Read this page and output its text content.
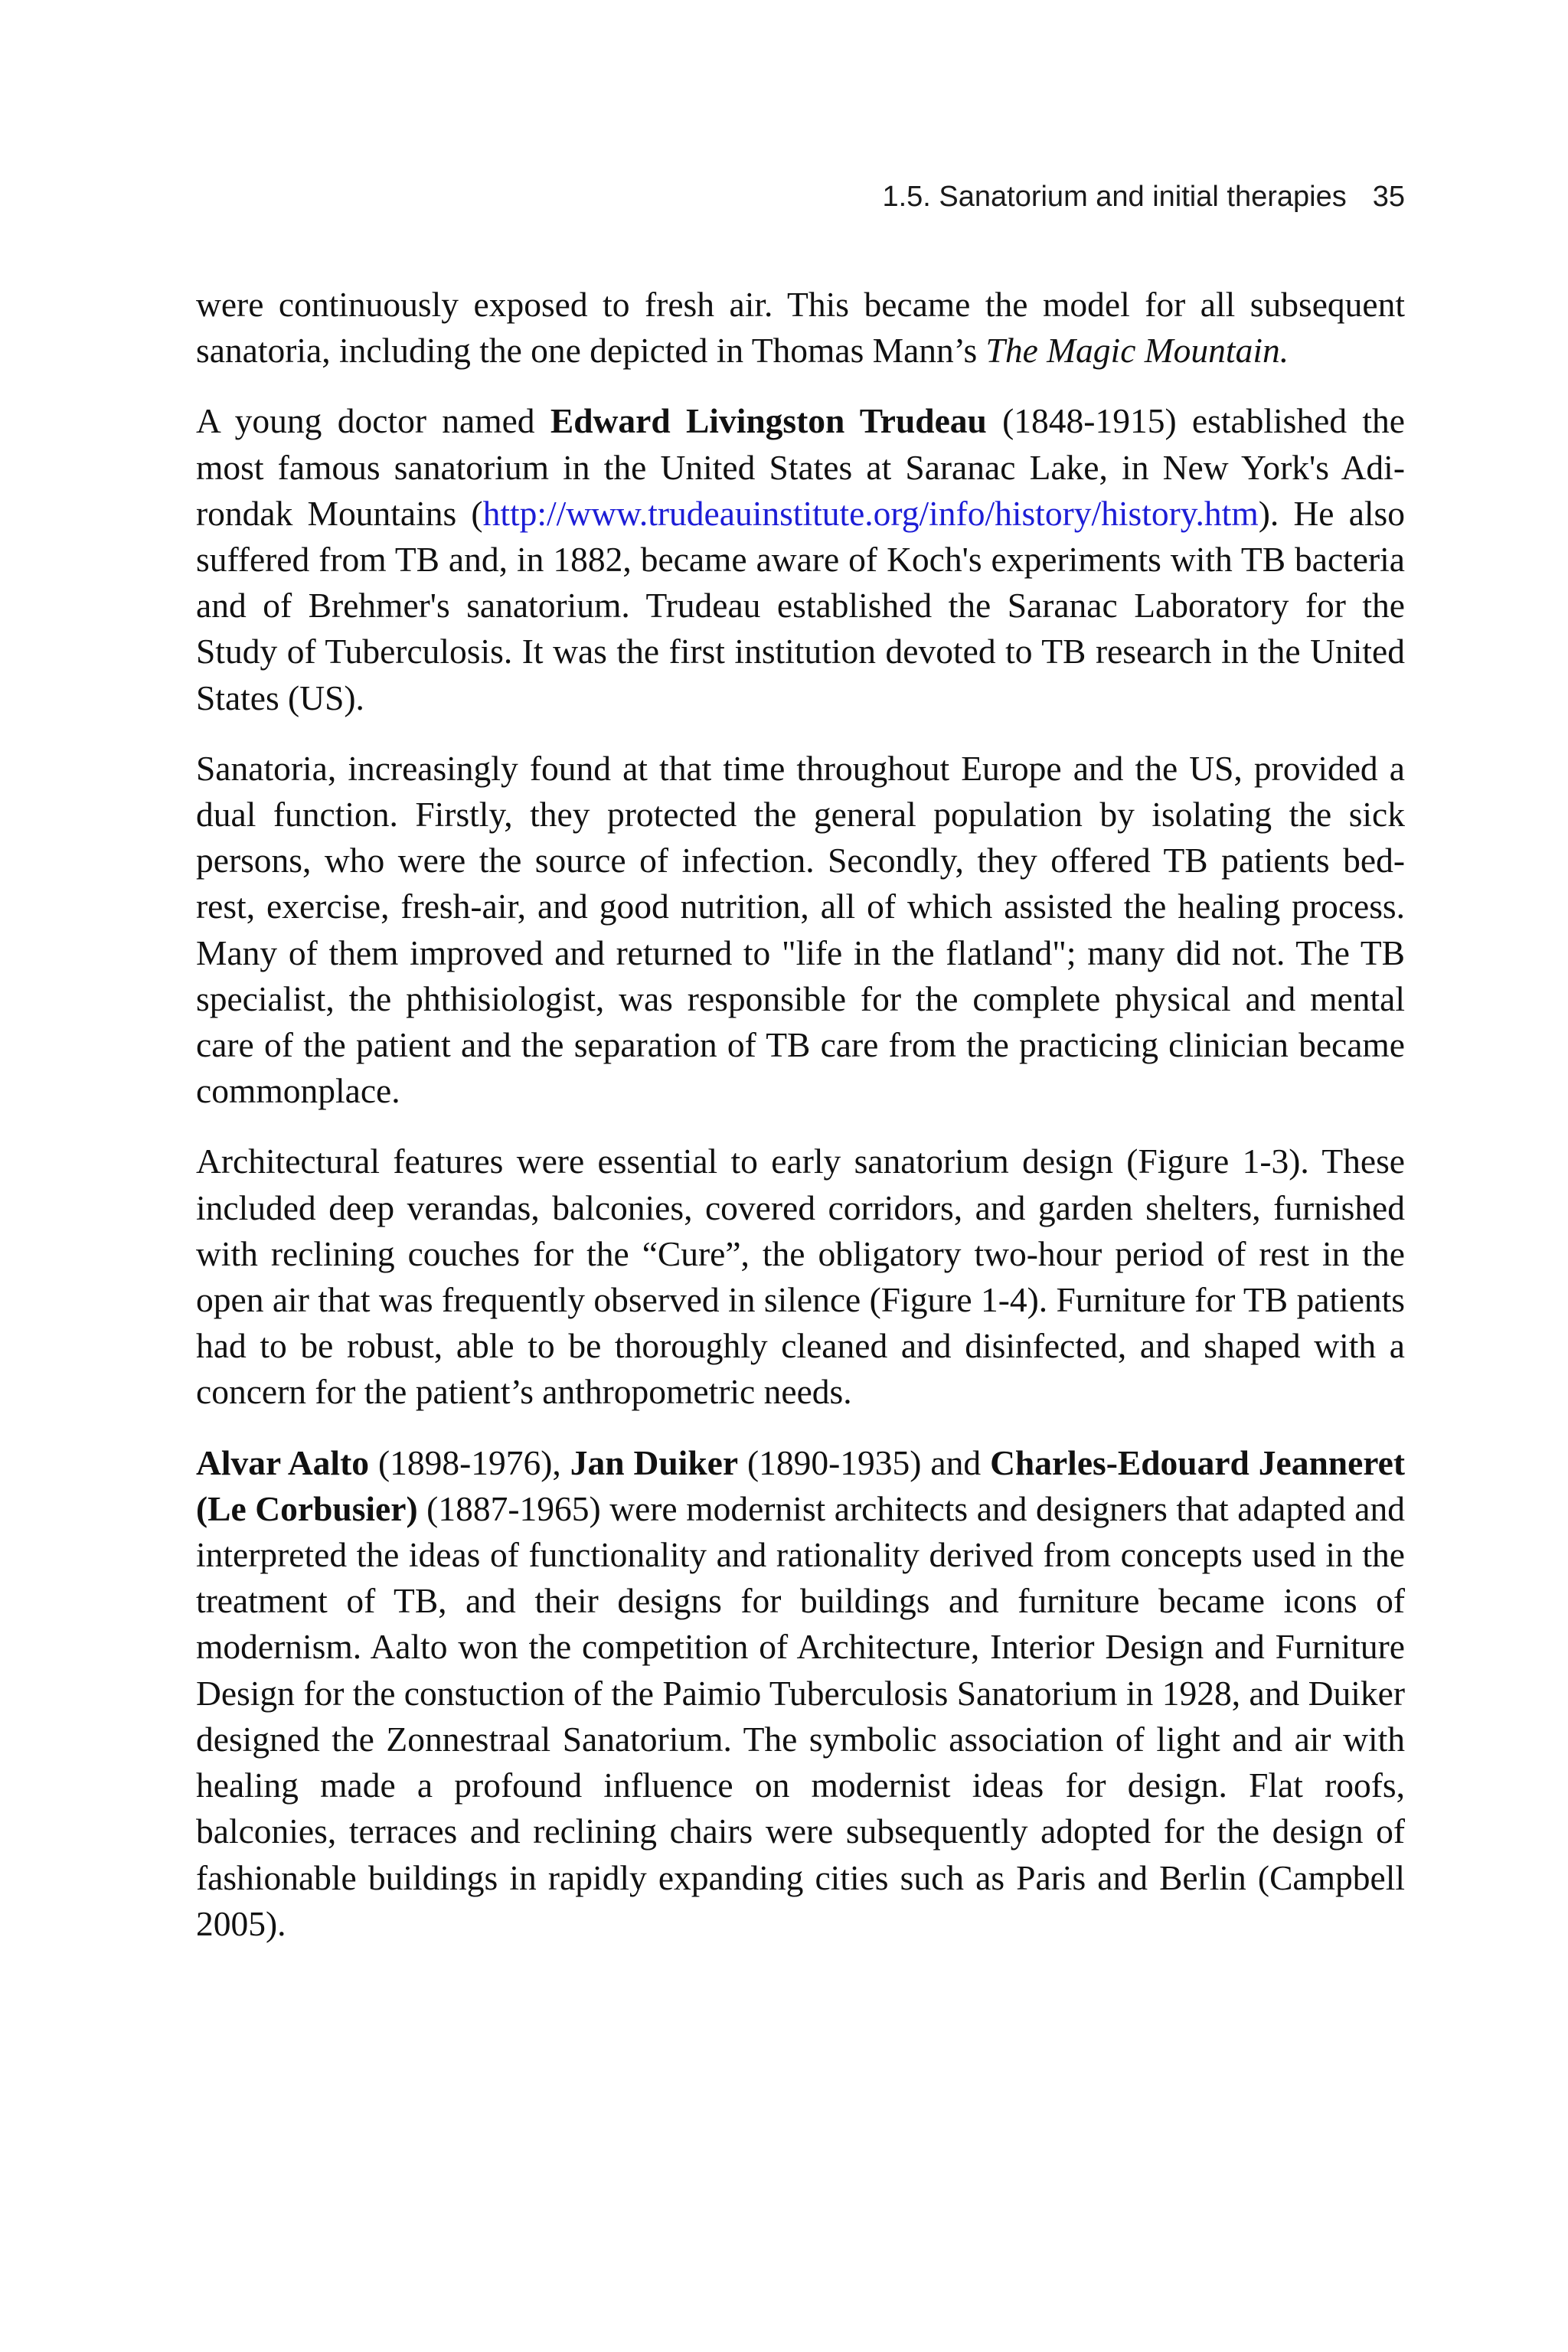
1.5. Sanatorium and initial therapies 35

were continuously exposed to fresh air. This became the model for all subsequent sanatoria, including the one depicted in Thomas Mann’s The Magic Mountain.

A young doctor named Edward Livingston Trudeau (1848-1915) established the most famous sanatorium in the United States at Saranac Lake, in New York's Adirondak Mountains (http://www.trudeauinstitute.org/info/history/history.htm). He also suffered from TB and, in 1882, became aware of Koch's experiments with TB bacteria and of Brehmer's sanatorium. Trudeau established the Saranac Laboratory for the Study of Tuberculosis. It was the first institution devoted to TB research in the United States (US).

Sanatoria, increasingly found at that time throughout Europe and the US, provided a dual function. Firstly, they protected the general population by isolating the sick persons, who were the source of infection. Secondly, they offered TB patients bed-rest, exercise, fresh-air, and good nutrition, all of which assisted the healing process. Many of them improved and returned to "life in the flatland"; many did not. The TB specialist, the phthisiologist, was responsible for the complete physical and mental care of the patient and the separation of TB care from the practicing clinician became commonplace.

Architectural features were essential to early sanatorium design (Figure 1-3). These included deep verandas, balconies, covered corridors, and garden shelters, furnished with reclining couches for the “Cure”, the obligatory two-hour period of rest in the open air that was frequently observed in silence (Figure 1-4). Furniture for TB patients had to be robust, able to be thoroughly cleaned and disinfected, and shaped with a concern for the patient’s anthropometric needs.

Alvar Aalto (1898-1976), Jan Duiker (1890-1935) and Charles-Edouard Jeanneret (Le Corbusier) (1887-1965) were modernist architects and designers that adapted and interpreted the ideas of functionality and rationality derived from concepts used in the treatment of TB, and their designs for buildings and furniture became icons of modernism. Aalto won the competition of Architecture, Interior Design and Furniture Design for the constuction of the Paimio Tuberculosis Sanatorium in 1928, and Duiker designed the Zonnestraal Sanatorium. The symbolic association of light and air with healing made a profound influence on modernist ideas for design. Flat roofs, balconies, terraces and reclining chairs were subsequently adopted for the design of fashionable buildings in rapidly expanding cities such as Paris and Berlin (Campbell 2005).
